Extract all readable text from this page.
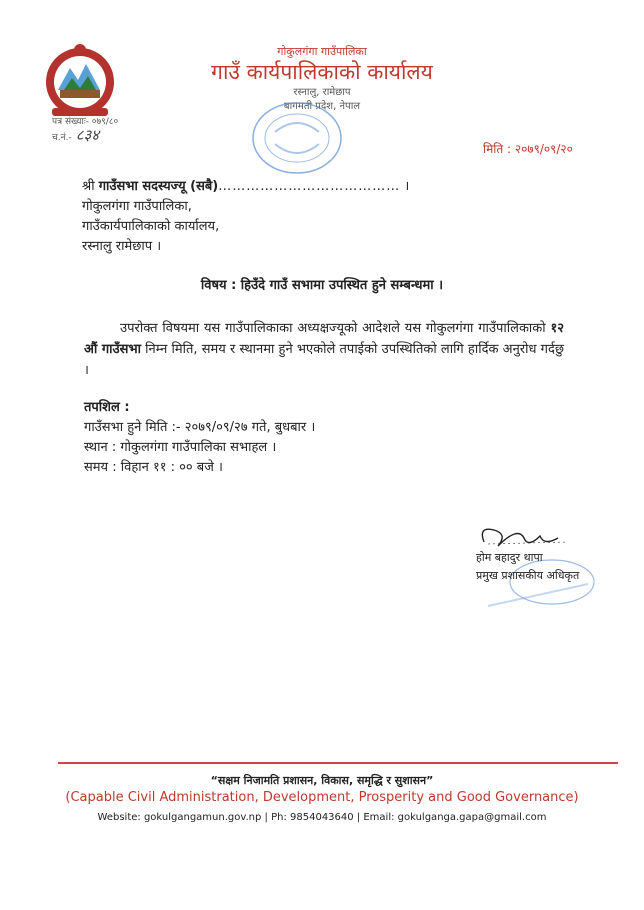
गोकुलगंगा गाउँपालिका
गाउँ कार्यपालिकाको कार्यालय
रस्नालु, रामेछाप
बागमती प्रदेश, नेपाल
पत्र संख्याः- ०७९/८०
च.नं.- ८३४
मिति : २०७९/०९/२०
श्री गाउँसभा सदस्यज्यू (सबै)………………………………… ।
गोकुलगंगा गाउँपालिका,
गाउँकार्यपालिकाको कार्यालय,
रस्नालु रामेछाप ।
विषय : हिउँदे गाउँ सभामा उपस्थित हुने सम्बन्धमा ।
उपरोक्त विषयमा यस गाउँपालिकाका अध्यक्षज्यूको आदेशले यस गोकुलगंगा गाउँपालिकाको १२ औं गाउँसभा निम्न मिति, समय र स्थानमा हुने भएकोले तपाईको उपस्थितिको लागि हार्दिक अनुरोध गर्दछु ।
तपशिल :
गाउँसभा हुने मिति :- २०७९/०९/२७ गते, बुधबार ।
स्थान : गोकुलगंगा गाउँपालिका सभाहल ।
समय : विहान ११ : ०० बजे ।
होम बहादुर थापा
प्रमुख प्रशासकीय अधिकृत
“सक्षम निजामति प्रशासन, विकास, समृद्धि र सुशासन”
(Capable Civil Administration, Development, Prosperity and Good Governance)
Website: gokulgangamun.gov.np | Ph: 9854043640 | Email: gokulganga.gapa@gmail.com
